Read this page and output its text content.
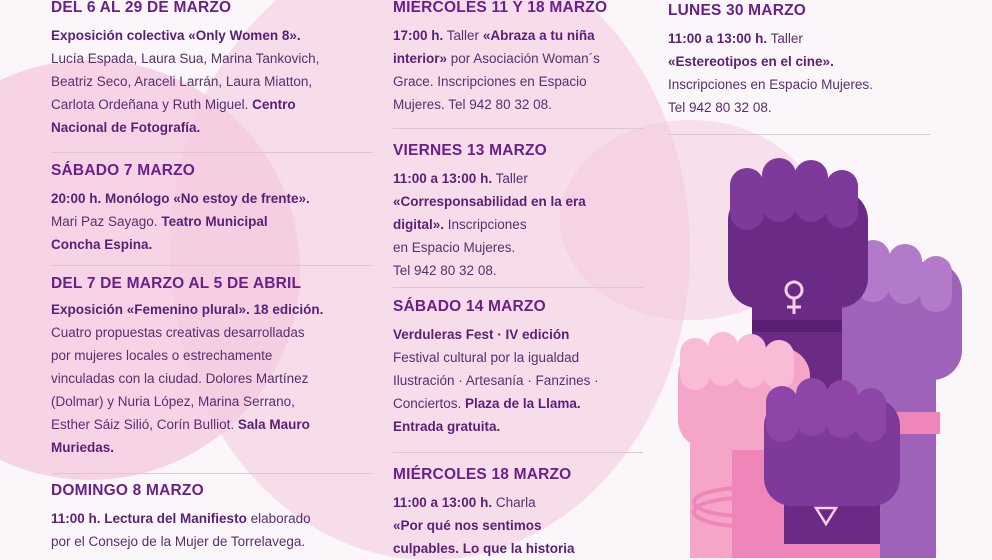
DEL 6 AL 29 DE MARZO
Exposición colectiva «Only Women 8».
Lucía Espada, Laura Sua, Marina Tankovich,
Beatriz Seco, Araceli Larrán, Laura Miatton,
Carlota Ordeñana y Ruth Miguel. Centro
Nacional de Fotografía.
SÁBADO 7 MARZO
20:00 h. Monólogo «No estoy de frente».
Mari Paz Sayago. Teatro Municipal
Concha Espina.
DEL 7 DE MARZO AL 5 DE ABRIL
Exposición «Femenino plural». 18 edición.
Cuatro propuestas creativas desarrolladas
por mujeres locales o estrechamente
vinculadas con la ciudad. Dolores Martínez
(Dolmar) y Nuria López, Marina Serrano,
Esther Sáiz Silió, Corín Bulliot. Sala Mauro
Muriedas.
DOMINGO 8 MARZO
11:00 h. Lectura del Manifiesto elaborado
por el Consejo de la Mujer de Torrelavega.
MIÉRCOLES 11 Y 18 MARZO
17:00 h. Taller «Abraza a tu niña
interior» por Asociación Woman´s
Grace. Inscripciones en Espacio
Mujeres. Tel 942 80 32 08.
VIERNES 13 MARZO
11:00 a 13:00 h. Taller
«Corresponsabilidad en la era
digital». Inscripciones
en Espacio Mujeres.
Tel 942 80 32 08.
SÁBADO 14 MARZO
Verduleras Fest · IV edición
Festival cultural por la igualdad
Ilustración · Artesanía · Fanzines ·
Conciertos. Plaza de la Llama.
Entrada gratuita.
MIÉRCOLES 18 MARZO
11:00 a 13:00 h. Charla
«Por qué nos sentimos
culpables. Lo que la historia
LUNES 30 MARZO
11:00 a 13:00 h. Taller
«Estereotipos en el cine».
Inscripciones en Espacio Mujeres.
Tel 942 80 32 08.
